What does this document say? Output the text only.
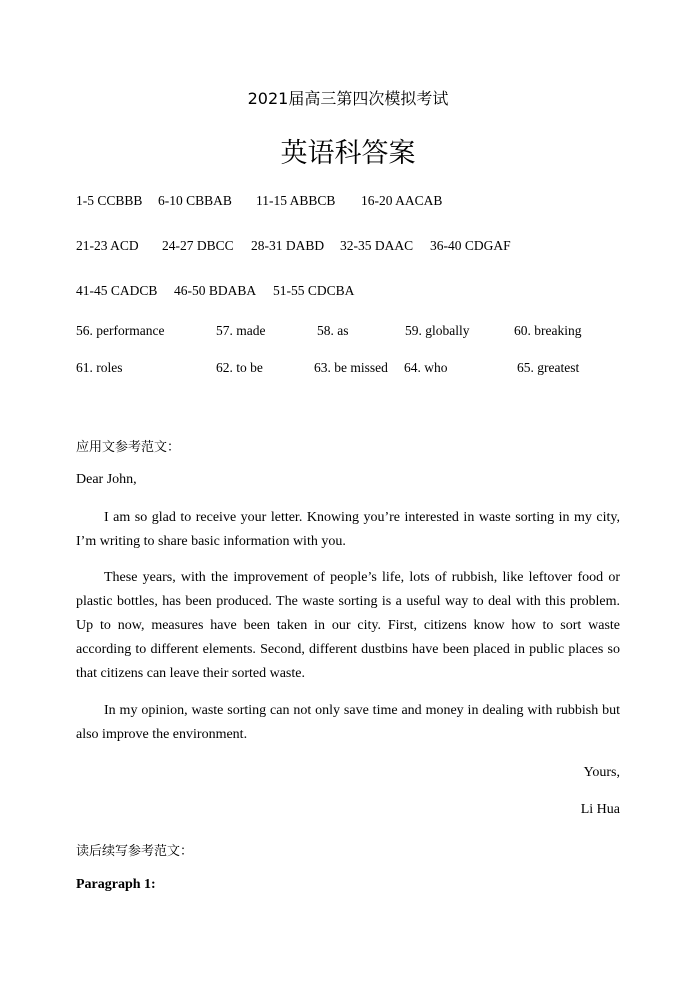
2021届高三第四次模拟考试
英语科答案
1-5 CCBBB 6-10 CBBAB 11-15 ABBCB 16-20 AACAB
21-23 ACD 24-27 DBCC 28-31 DABD 32-35 DAAC 36-40 CDGAF
41-45 CADCB 46-50 BDABA 51-55 CDCBA
56. performance	57. made	58. as	59. globally	60. breaking
61. roles	62. to be	63. be missed 64. who	65. greatest
应用文参考范文：
Dear John,

I am so glad to receive your letter. Knowing you’re interested in waste sorting in my city, I’m writing to share basic information with you.

These years, with the improvement of people’s life, lots of rubbish, like leftover food or plastic bottles, has been produced. The waste sorting is a useful way to deal with this problem. Up to now, measures have been taken in our city. First, citizens know how to sort waste according to different elements. Second, different dustbins have been placed in public places so that citizens can leave their sorted waste.

In my opinion, waste sorting can not only save time and money in dealing with rubbish but also improve the environment.

Yours,
Li Hua
读后续写参考范文：
Paragraph 1:
